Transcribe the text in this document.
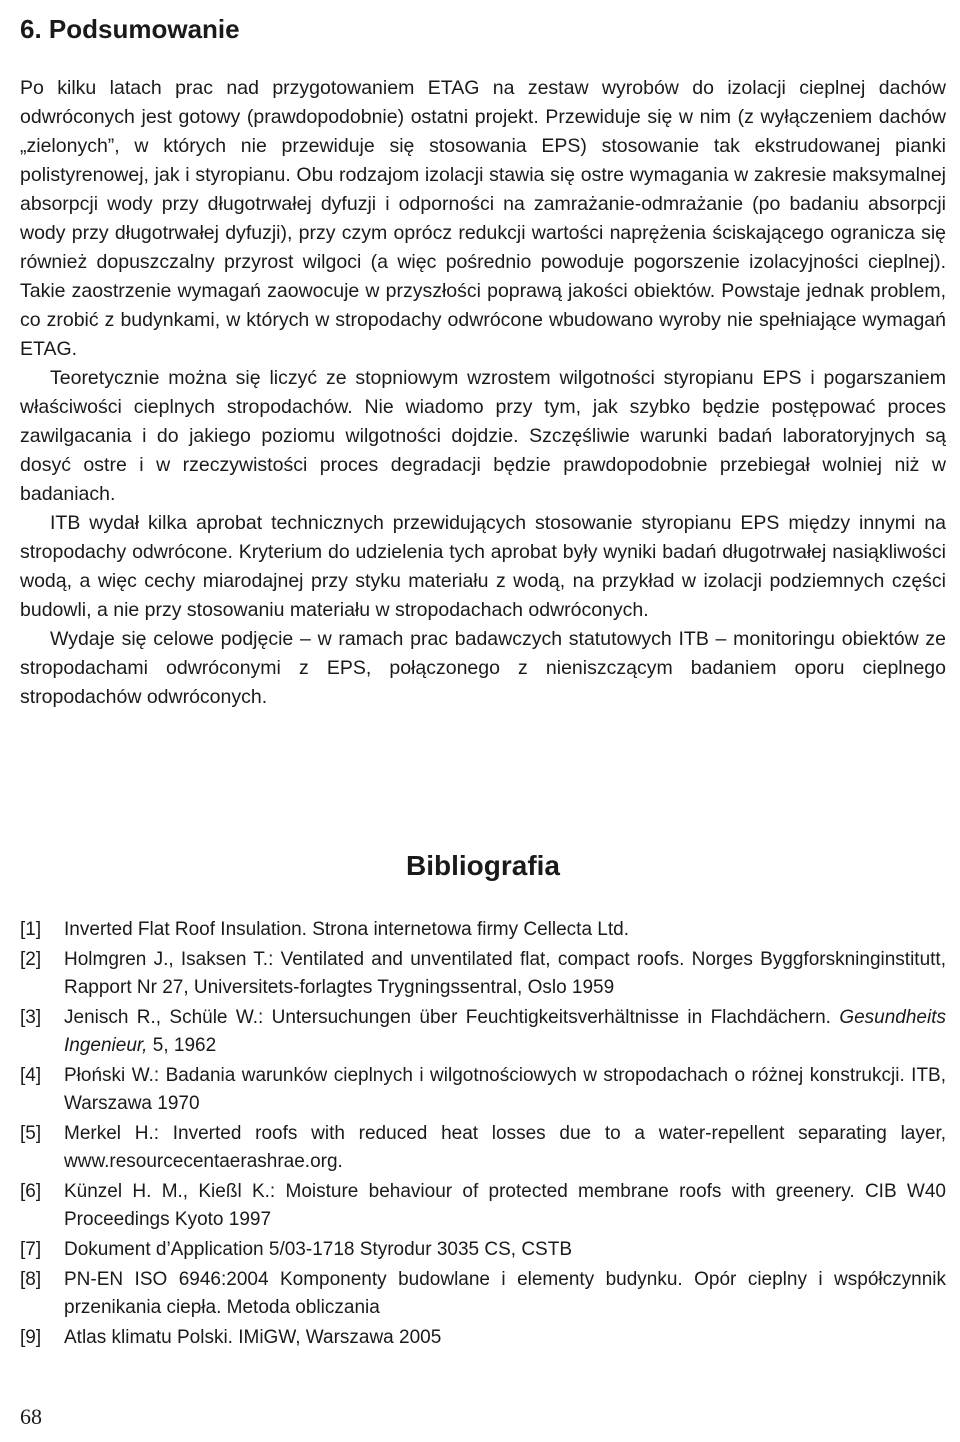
6. Podsumowanie

Po kilku latach prac nad przygotowaniem ETAG na zestaw wyrobów do izolacji cieplnej dachów odwróconych jest gotowy (prawdopodobnie) ostatni projekt. Przewiduje się w nim (z wyłączeniem dachów „zielonych”, w których nie przewiduje się stosowania EPS) stosowanie tak ekstrudowanej pianki polistyrenowej, jak i styropianu. Obu rodzajom izolacji stawia się ostre wymagania w zakresie maksymalnej absorpcji wody przy długotrwałej dyfuzji i odporności na zamrażanie-odmrażanie (po badaniu absorpcji wody przy długotrwałej dyfuzji), przy czym oprócz redukcji wartości naprężenia ściskającego ogranicza się również dopuszczalny przyrost wilgoci (a więc pośrednio powoduje pogorszenie izolacyjności cieplnej). Takie zaostrzenie wymagań zaowocuje w przyszłości poprawą jakości obiektów. Powstaje jednak problem, co zrobić z budynkami, w których w stropodachy odwrócone wbudowano wyroby nie spełniające wymagań ETAG.

Teoretycznie można się liczyć ze stopniowym wzrostem wilgotności styropianu EPS i pogarszaniem właściwości cieplnych stropodachów. Nie wiadomo przy tym, jak szybko będzie postępować proces zawilgacania i do jakiego poziomu wilgotności dojdzie. Szczęśliwie warunki badań laboratoryjnych są dosyć ostre i w rzeczywistości proces degradacji będzie prawdopodobnie przebiegał wolniej niż w badaniach.

ITB wydał kilka aprobat technicznych przewidujących stosowanie styropianu EPS między innymi na stropodachy odwrócone. Kryterium do udzielenia tych aprobat były wyniki badań długotrwałej nasiąkliwości wodą, a więc cechy miarodajnej przy styku materiału z wodą, na przykład w izolacji podziemnych części budowli, a nie przy stosowaniu materiału w stropodachach odwróconych.

Wydaje się celowe podjęcie – w ramach prac badawczych statutowych ITB – monitoringu obiektów ze stropodachami odwróconymi z EPS, połączonego z nieniszczącym badaniem oporu cieplnego stropodachów odwróconych.

Bibliografia
[1]	Inverted Flat Roof Insulation. Strona internetowa firmy Cellecta Ltd.
[2]	Holmgren J., Isaksen T.: Ventilated and unventilated flat, compact roofs. Norges Byggforskninginstitutt, Rapport Nr 27, Universitets-forlagtes Trygningssentral, Oslo 1959
[3]	Jenisch R., Schüle W.: Untersuchungen über Feuchtigkeitsverhältnisse in Flachdächern. Gesundheits Ingenieur, 5, 1962
[4]	Płoński W.: Badania warunków cieplnych i wilgotnościowych w stropodachach o różnej konstrukcji. ITB, Warszawa 1970
[5]	Merkel H.: Inverted roofs with reduced heat losses due to a water-repellent separating layer, www.resourcecentaerashrae.org.
[6]	Künzel H. M., Kießl K.: Moisture behaviour of protected membrane roofs with greenery. CIB W40 Proceedings Kyoto 1997
[7]	Dokument d’Application 5/03-1718 Styrodur 3035 CS, CSTB
[8]	PN-EN ISO 6946:2004 Komponenty budowlane i elementy budynku. Opór cieplny i współczynnik przenikania ciepła. Metoda obliczania
[9]	Atlas klimatu Polski. IMiGW, Warszawa 2005
68
